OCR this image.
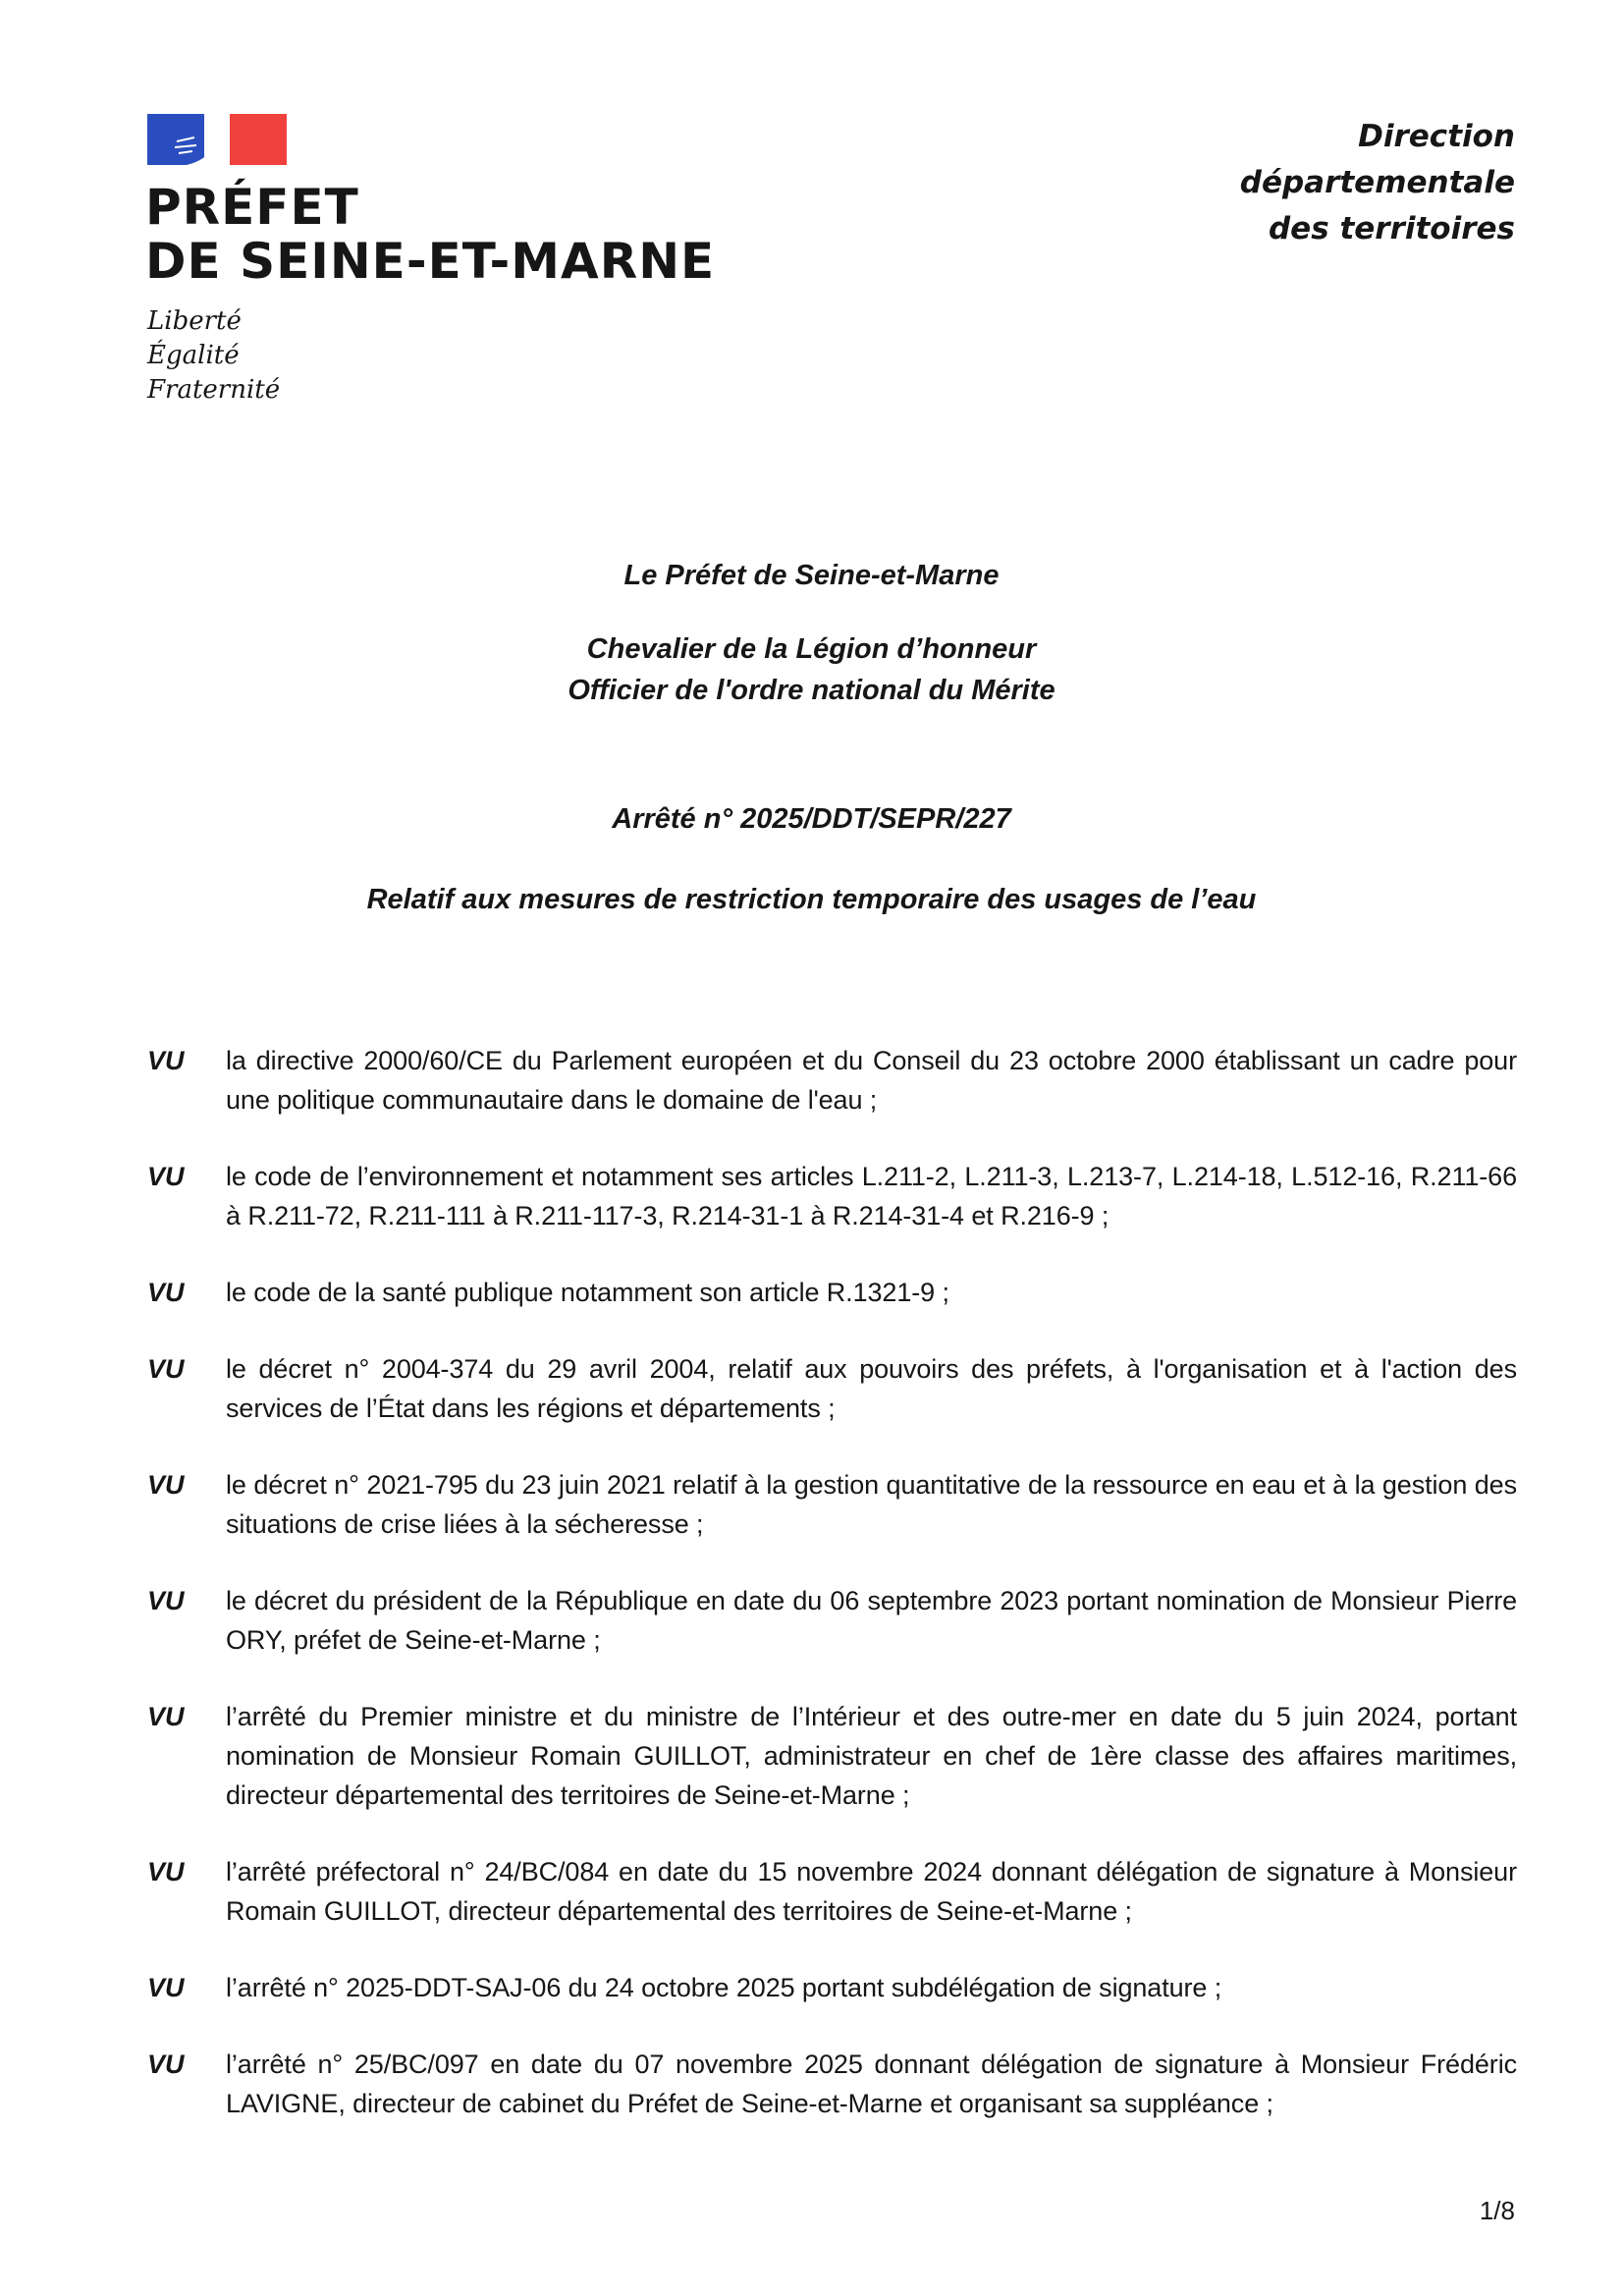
PRÉFET
DE SEINE-ET-MARNE
Liberté
Égalité
Fraternité
Direction
départementale
des territoires
Le Préfet de Seine-et-Marne
Chevalier de la Légion d’honneur
Officier de l'ordre national du Mérite
Arrêté n° 2025/DDT/SEPR/227
Relatif aux mesures de restriction temporaire des usages de l’eau
VU	la directive 2000/60/CE du Parlement européen et du Conseil du 23 octobre 2000 établissant un cadre pour une politique communautaire dans le domaine de l'eau ;
VU	le code de l’environnement et notamment ses articles L.211-2, L.211-3, L.213-7, L.214-18, L.512-16, R.211-66 à R.211-72, R.211-111 à R.211-117-3, R.214-31-1 à R.214-31-4 et R.216-9 ;
VU	le code de la santé publique notamment son article R.1321-9 ;
VU	le décret n° 2004-374 du 29 avril 2004, relatif aux pouvoirs des préfets, à l'organisation et à l'action des services de l’État dans les régions et départements ;
VU	le décret n° 2021-795 du 23 juin 2021 relatif à la gestion quantitative de la ressource en eau et à la gestion des situations de crise liées à la sécheresse ;
VU	le décret du président de la République en date du 06 septembre 2023 portant nomination de Monsieur Pierre ORY, préfet de Seine-et-Marne ;
VU	l’arrêté du Premier ministre et du ministre de l’Intérieur et des outre-mer en date du 5 juin 2024, portant nomination de Monsieur Romain GUILLOT, administrateur en chef de 1ère classe des affaires maritimes, directeur départemental des territoires de Seine-et-Marne ;
VU	l’arrêté préfectoral n° 24/BC/084 en date du 15 novembre 2024 donnant délégation de signature à Monsieur Romain GUILLOT, directeur départemental des territoires de Seine-et-Marne ;
VU	l’arrêté n° 2025-DDT-SAJ-06 du 24 octobre 2025 portant subdélégation de signature ;
VU	l’arrêté n° 25/BC/097 en date du 07 novembre 2025 donnant délégation de signature à Monsieur Frédéric LAVIGNE, directeur de cabinet du Préfet de Seine-et-Marne et organisant sa suppléance ;
1/8
